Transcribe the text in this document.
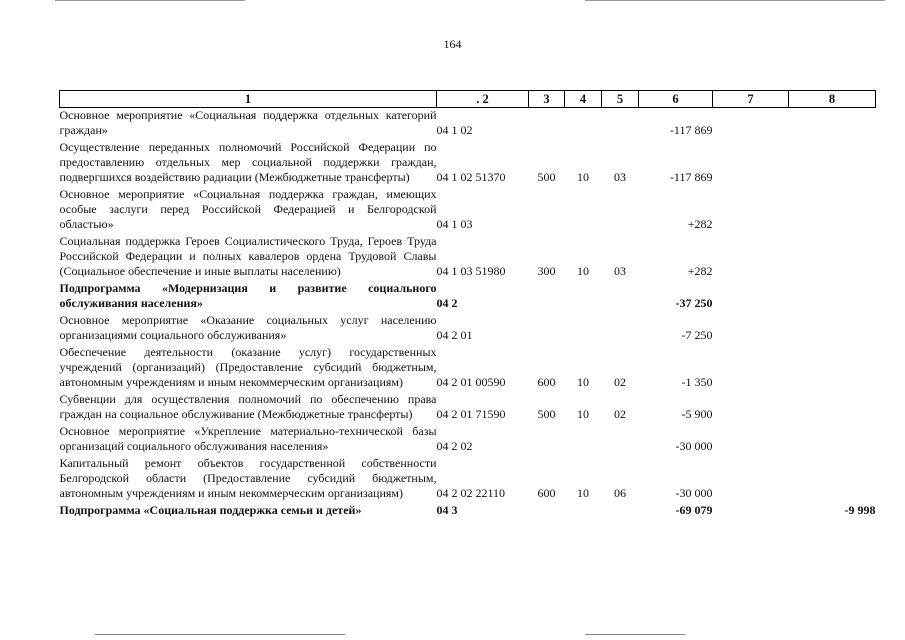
164
1	. 2	3	4	5	6	7	8
Основное мероприятие «Социальная поддержка отдельных категорий граждан»	04 1 02				-117 869		
Осуществление переданных полномочий Российской Федерации по предоставлению отдельных мер социальной поддержки граждан, подвергшихся воздействию радиации (Межбюджетные трансферты)	04 1 02 51370	500	10	03	-117 869		
Основное мероприятие «Социальная поддержка граждан, имеющих особые заслуги перед Российской Федерацией и Белгородской областью»	04 1 03				+282		
Социальная поддержка Героев Социалистического Труда, Героев Труда Российской Федерации и полных кавалеров ордена Трудовой Славы (Социальное обеспечение и иные выплаты населению)	04 1 03 51980	300	10	03	+282		
Подпрограмма «Модернизация и развитие социального обслуживания населения»	04 2				-37 250		
Основное мероприятие «Оказание социальных услуг населению организациями социального обслуживания»	04 2 01				-7 250		
Обеспечение деятельности (оказание услуг) государственных учреждений (организаций) (Предоставление субсидий бюджетным, автономным учреждениям и иным некоммерческим организациям)	04 2 01 00590	600	10	02	-1 350		
Субвенции для осуществления полномочий по обеспечению права граждан на социальное обслуживание (Межбюджетные трансферты)	04 2 01 71590	500	10	02	-5 900		
Основное мероприятие «Укрепление материально-технической базы организаций социального обслуживания населения»	04 2 02				-30 000		
Капитальный ремонт объектов государственной собственности Белгородской области (Предоставление субсидий бюджетным, автономным учреждениям и иным некоммерческим организациям)	04 2 02 22110	600	10	06	-30 000		
Подпрограмма «Социальная поддержка семьи и детей»	04 3				-69 079		-9 998
